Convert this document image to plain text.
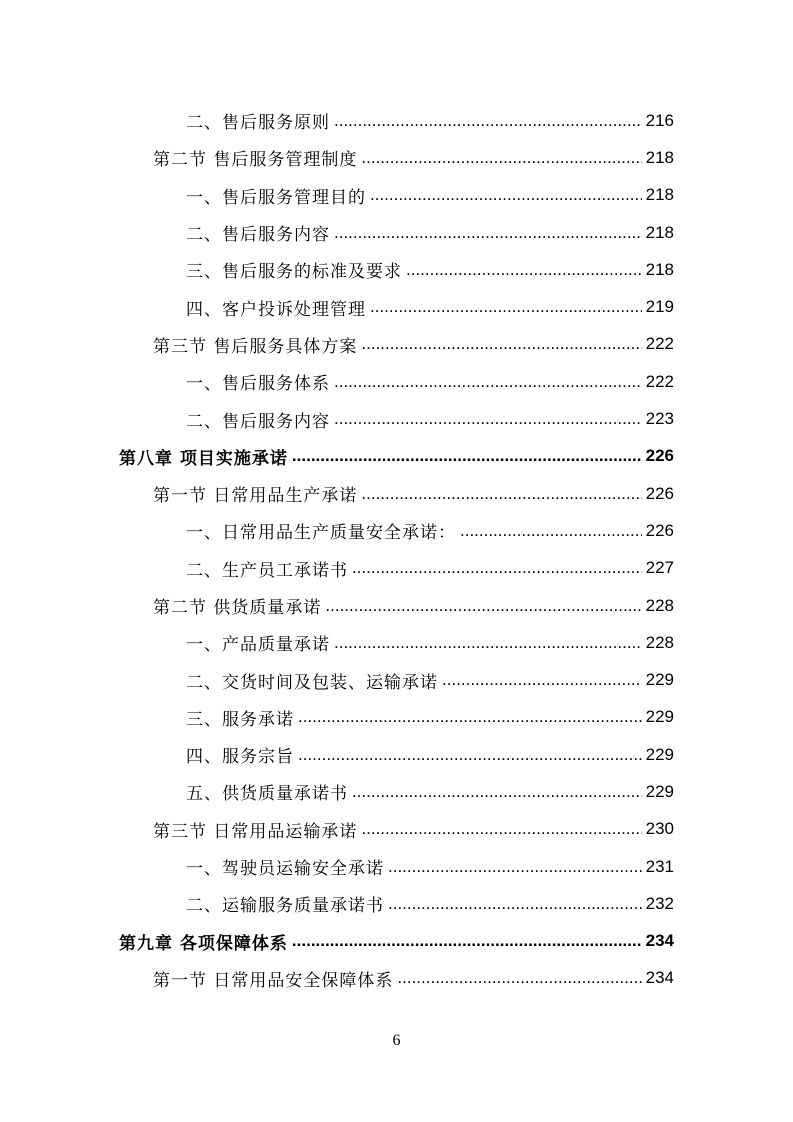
二、售后服务原则 .....	216
第二节 售后服务管理制度 .....	218
一、售后服务管理目的 .....	218
二、售后服务内容 .....	218
三、售后服务的标准及要求 .....	218
四、客户投诉处理管理 .....	219
第三节 售后服务具体方案 .....	222
一、售后服务体系 .....	222
二、售后服务内容 .....	223
第八章 项目实施承诺 .....	226
第一节 日常用品生产承诺 .....	226
一、日常用品生产质量安全承诺： .....	226
二、生产员工承诺书 .....	227
第二节 供货质量承诺 .....	228
一、产品质量承诺 .....	228
二、交货时间及包装、运输承诺 .....	229
三、服务承诺 .....	229
四、服务宗旨 .....	229
五、供货质量承诺书 .....	229
第三节 日常用品运输承诺 .....	230
一、驾驶员运输安全承诺 .....	231
二、运输服务质量承诺书 .....	232
第九章 各项保障体系 .....	234
第一节 日常用品安全保障体系 .....	234
6
